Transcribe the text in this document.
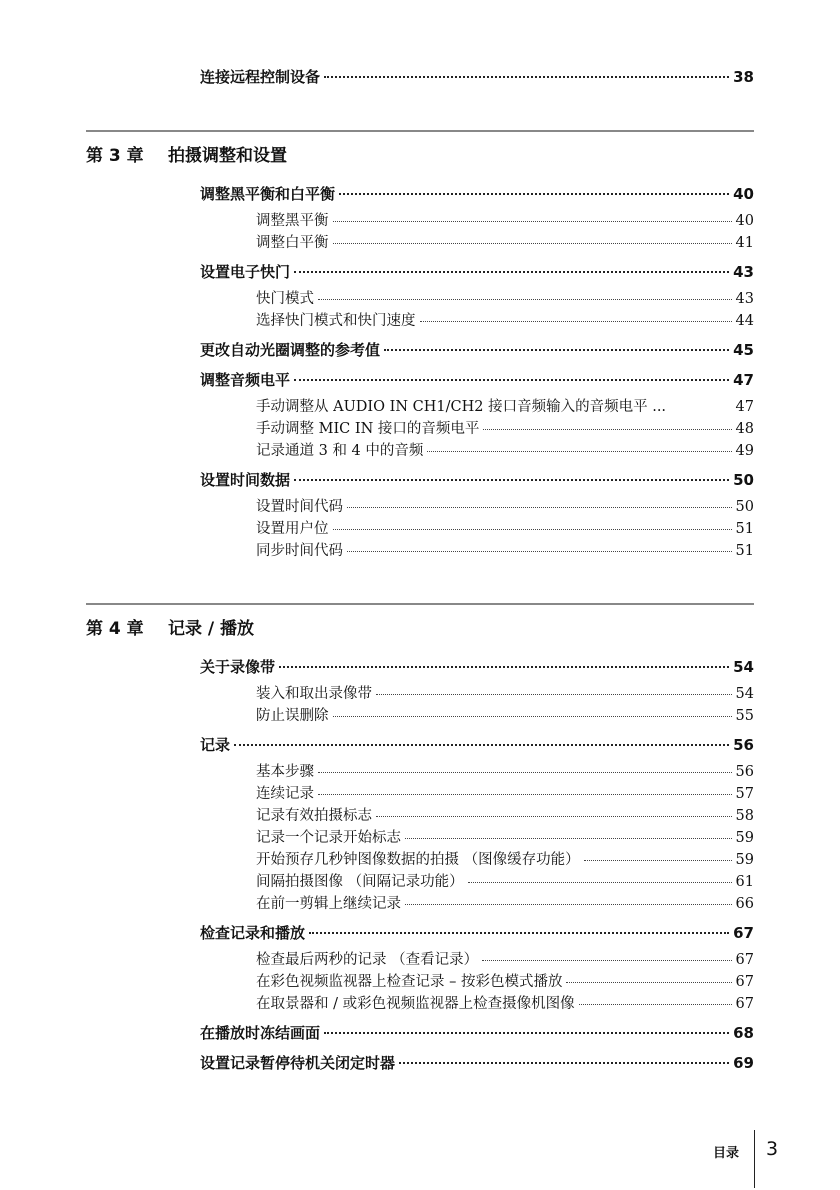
连接远程控制设备	38
第 3 章 拍摄调整和设置
调整黑平衡和白平衡	40
调整黑平衡	40
调整白平衡	41
设置电子快门	43
快门模式	43
选择快门模式和快门速度	44
更改自动光圈调整的参考值	45
调整音频电平	47
手动调整从 AUDIO IN CH1/CH2 接口音频输入的音频电平 ...	47
手动调整 MIC IN 接口的音频电平	48
记录通道 3 和 4 中的音频	49
设置时间数据	50
设置时间代码	50
设置用户位	51
同步时间代码	51
第 4 章 记录 / 播放
关于录像带	54
装入和取出录像带	54
防止误删除	55
记录	56
基本步骤	56
连续记录	57
记录有效拍摄标志	58
记录一个记录开始标志	59
开始预存几秒钟图像数据的拍摄 （图像缓存功能）	59
间隔拍摄图像 （间隔记录功能）	61
在前一剪辑上继续记录	66
检查记录和播放	67
检查最后两秒的记录 （查看记录）	67
在彩色视频监视器上检查记录 – 按彩色模式播放	67
在取景器和 / 或彩色视频监视器上检查摄像机图像	67
在播放时冻结画面	68
设置记录暂停待机关闭定时器	69
目录 3
